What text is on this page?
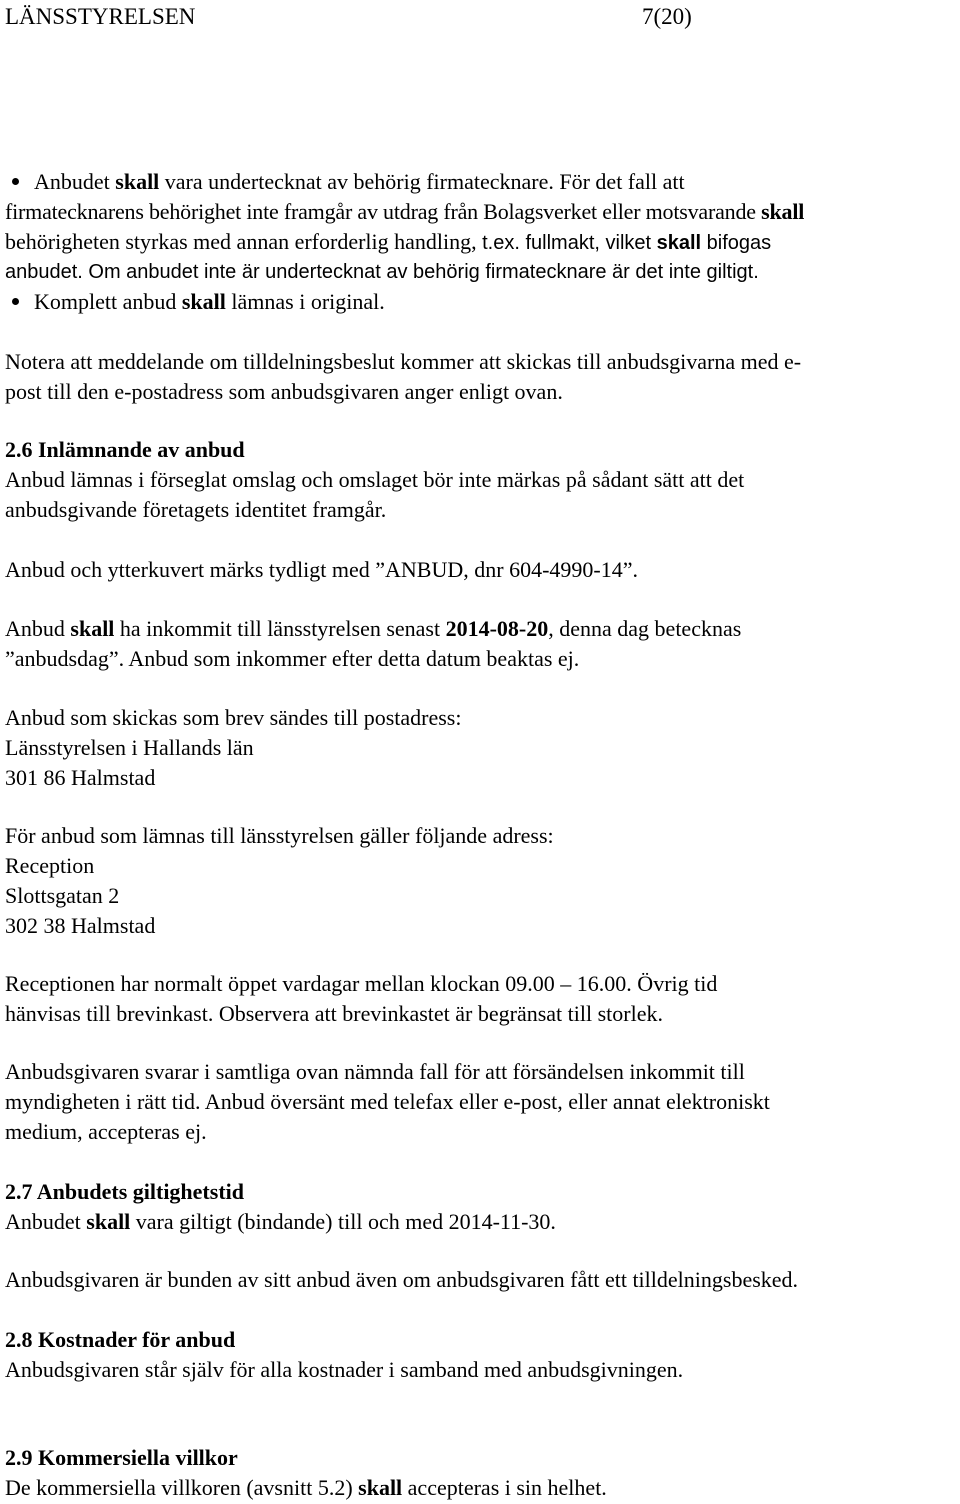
LÄNSSTYRELSEN	7(20)
Anbudet skall vara undertecknat av behörig firmatecknare. För det fall att
firmatecknarens behörighet inte framgår av utdrag från Bolagsverket eller motsvarande skall
behörigheten styrkas med annan erforderlig handling, t.ex. fullmakt, vilket skall bifogas
anbudet. Om anbudet inte är undertecknat av behörig firmatecknare är det inte giltigt.
Komplett anbud skall lämnas i original.
Notera att meddelande om tilldelningsbeslut kommer att skickas till anbudsgivarna med e-
post till den e-postadress som anbudsgivaren anger enligt ovan.
2.6 Inlämnande av anbud
Anbud lämnas i förseglat omslag och omslaget bör inte märkas på sådant sätt att det
anbudsgivande företagets identitet framgår.
Anbud och ytterkuvert märks tydligt med ”ANBUD, dnr 604-4990-14”.
Anbud skall ha inkommit till länsstyrelsen senast 2014-08-20, denna dag betecknas
”anbudsdag”. Anbud som inkommer efter detta datum beaktas ej.
Anbud som skickas som brev sändes till postadress:
Länsstyrelsen i Hallands län
301 86 Halmstad
För anbud som lämnas till länsstyrelsen gäller följande adress:
Reception
Slottsgatan 2
302 38 Halmstad
Receptionen har normalt öppet vardagar mellan klockan 09.00 – 16.00. Övrig tid
hänvisas till brevinkast. Observera att brevinkastet är begränsat till storlek.
Anbudsgivaren svarar i samtliga ovan nämnda fall för att försändelsen inkommit till
myndigheten i rätt tid. Anbud översänt med telefax eller e-post, eller annat elektroniskt
medium, accepteras ej.
2.7 Anbudets giltighetstid
Anbudet skall vara giltigt (bindande) till och med 2014-11-30.
Anbudsgivaren är bunden av sitt anbud även om anbudsgivaren fått ett tilldelningsbesked.
2.8 Kostnader för anbud
Anbudsgivaren står själv för alla kostnader i samband med anbudsgivningen.
2.9 Kommersiella villkor
De kommersiella villkoren (avsnitt 5.2) skall accepteras i sin helhet.
